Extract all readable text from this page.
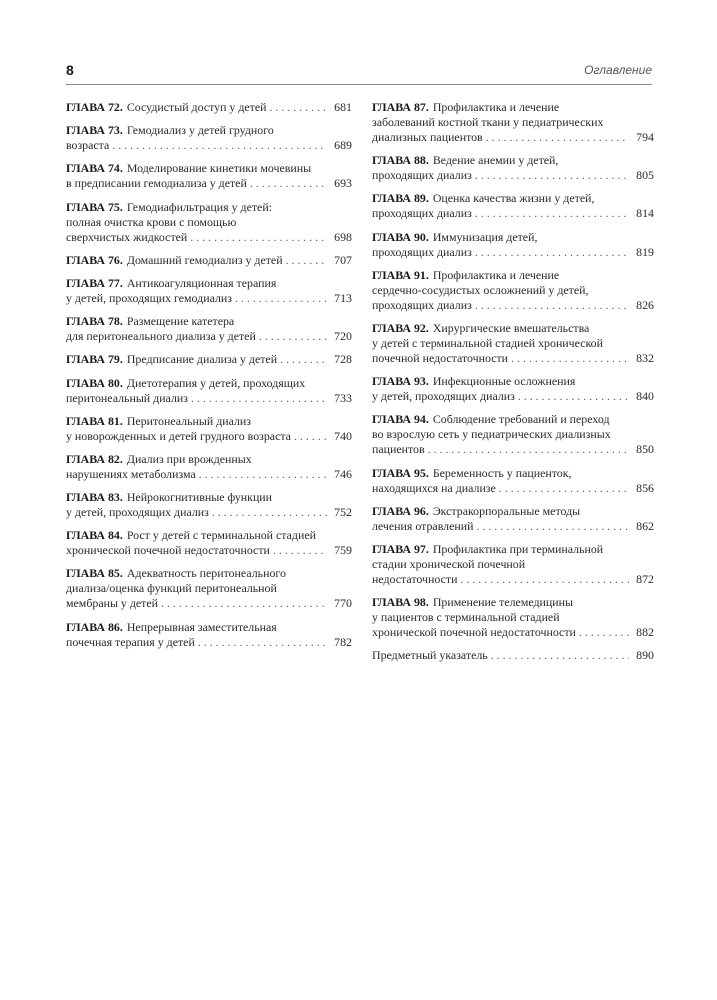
8	Оглавление
ГЛАВА 72. Сосудистый доступ у детей . . .	681
ГЛАВА 73. Гемодиализ у детей грудного
возраста . . .	689
ГЛАВА 74. Моделирование кинетики мочевины
в предписании гемодиализа у детей . . .	693
ГЛАВА 75. Гемодиафильтрация у детей:
полная очистка крови с помощью
сверхчистых жидкостей . . .	698
ГЛАВА 76. Домашний гемодиализ у детей . . .	707
ГЛАВА 77. Антикоагуляционная терапия
у детей, проходящих гемодиализ . . .	713
ГЛАВА 78. Размещение катетера
для перитонеального диализа у детей . . .	720
ГЛАВА 79. Предписание диализа у детей . . .	728
ГЛАВА 80. Диетотерапия у детей, проходящих
перитонеальный диализ . . .	733
ГЛАВА 81. Перитонеальный диализ
у новорожденных и детей грудного возраста . . .	740
ГЛАВА 82. Диализ при врожденных
нарушениях метаболизма . . .	746
ГЛАВА 83. Нейрокогнитивные функции
у детей, проходящих диализ . . .	752
ГЛАВА 84. Рост у детей с терминальной стадией
хронической почечной недостаточности . . .	759
ГЛАВА 85. Адекватность перитонеального
диализа/оценка функций перитонеальной
мембраны у детей . . .	770
ГЛАВА 86. Непрерывная заместительная
почечная терапия у детей . . .	782
ГЛАВА 87. Профилактика и лечение
заболеваний костной ткани у педиатрических
диализных пациентов . . .	794
ГЛАВА 88. Ведение анемии у детей,
проходящих диализ . . .	805
ГЛАВА 89. Оценка качества жизни у детей,
проходящих диализ . . .	814
ГЛАВА 90. Иммунизация детей,
проходящих диализ . . .	819
ГЛАВА 91. Профилактика и лечение
сердечно-сосудистых осложнений у детей,
проходящих диализ . . .	826
ГЛАВА 92. Хирургические вмешательства
у детей с терминальной стадией хронической
почечной недостаточности . . .	832
ГЛАВА 93. Инфекционные осложнения
у детей, проходящих диализ . . .	840
ГЛАВА 94. Соблюдение требований и переход
во взрослую сеть у педиатрических диализных
пациентов . . .	850
ГЛАВА 95. Беременность у пациенток,
находящихся на диализе . . .	856
ГЛАВА 96. Экстракорпоральные методы
лечения отравлений . . .	862
ГЛАВА 97. Профилактика при терминальной
стадии хронической почечной
недостаточности . . .	872
ГЛАВА 98. Применение телемедицины
у пациентов с терминальной стадией
хронической почечной недостаточности . . .	882
Предметный указатель . . .	890
